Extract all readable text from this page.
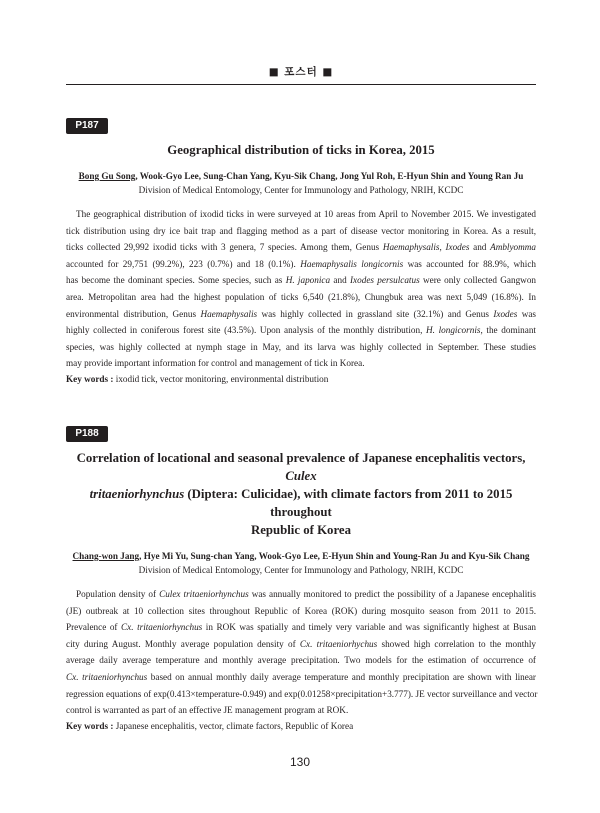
■ 포스터 ■
P187
Geographical distribution of ticks in Korea, 2015
Bong Gu Song, Wook-Gyo Lee, Sung-Chan Yang, Kyu-Sik Chang, Jong Yul Roh, E-Hyun Shin and Young Ran Ju
Division of Medical Entomology, Center for Immunology and Pathology, NRIH, KCDC
The geographical distribution of ixodid ticks in were surveyed at 10 areas from April to November 2015. We investigated
tick distribution using dry ice bait trap and flagging method as a part of disease vector monitoring in Korea. As a result,
ticks collected 29,992 ixodid ticks with 3 genera, 7 species. Among them, Genus Haemaphysalis, Ixodes and Amblyomma
accounted for 29,751 (99.2%), 223 (0.7%) and 18 (0.1%). Haemaphysalis longicornis was accounted for 88.9%, which
has become the dominant species. Some species, such as H. japonica and Ixodes persulcatus were only collected Gangwon
area. Metropolitan area had the highest population of ticks 6,540 (21.8%), Chungbuk area was next 5,049 (16.8%). In
environmental distribution, Genus Haemaphysalis was highly collected in grassland site (32.1%) and Genus Ixodes was
highly collected in coniferous forest site (43.5%). Upon analysis of the monthly distribution, H. longicornis, the dominant
species, was highly collected at nymph stage in May, and its larva was highly collected in September. These studies
may provide important information for control and management of tick in Korea.
Key words : ixodid tick, vector monitoring, environmental distribution
P188
Correlation of locational and seasonal prevalence of Japanese encephalitis vectors, Culex
tritaeniorhynchus (Diptera: Culicidae), with climate factors from 2011 to 2015 throughout
Republic of Korea
Chang-won Jang, Hye Mi Yu, Sung-chan Yang, Wook-Gyo Lee, E-Hyun Shin and Young-Ran Ju and Kyu-Sik Chang
Division of Medical Entomology, Center for Immunology and Pathology, NRIH, KCDC
Population density of Culex tritaeniorhynchus was annually monitored to predict the possibility of a Japanese encephalitis
(JE) outbreak at 10 collection sites throughout Republic of Korea (ROK) during mosquito season from 2011 to 2015.
Prevalence of Cx. tritaeniorhynchus in ROK was spatially and timely very variable and was significantly highest at Busan
city during August. Monthly average population density of Cx. tritaeniorhychus showed high correlation to the monthly
average daily average temperature and monthly average precipitation. Two models for the estimation of occurrence of
Cx. tritaeniorhynchus based on annual monthly daily average temperature and monthly precipitation are shown with linear
regression equations of exp(0.413×temperature-0.949) and exp(0.01258×precipitation+3.777). JE vector surveillance and vector
control is warranted as part of an effective JE management program at ROK.
Key words : Japanese encephalitis, vector, climate factors, Republic of Korea
130
